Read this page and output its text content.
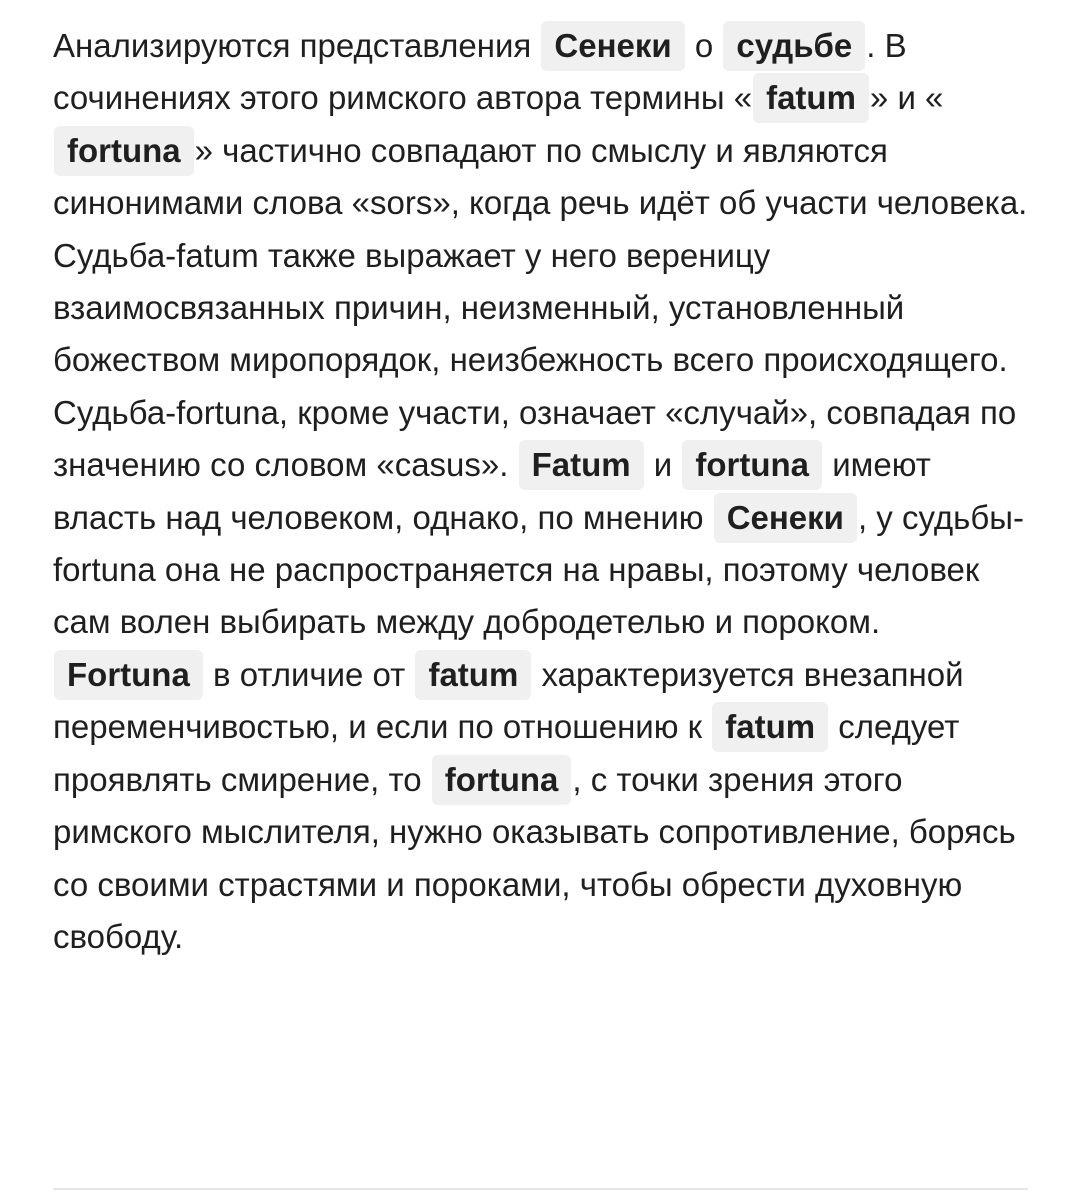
Анализируются представления Сенеки о судьбе . В сочинениях этого римского автора термины « fatum » и «fortuna » частично совпадают по смыслу и являются синонимами слова «sors», когда речь идёт об участи человека. Судьба-fatum также выражает у него вереницу взаимосвязанных причин, неизменный, установленный божеством миропорядок, неизбежность всего происходящего. Судьба-fortuna, кроме участи, означает «случай», совпадая по значению со словом «casus». Fatum и fortuna имеют власть над человеком, однако, по мнению Сенеки , у судьбы-fortuna она не распространяется на нравы, поэтому человек сам волен выбирать между добродетелью и пороком. Fortuna в отличие от fatum характеризуется внезапной переменчивостью, и если по отношению к fatum следует проявлять смирение, то fortuna , с точки зрения этого римского мыслителя, нужно оказывать сопротивление, борясь со своими страстями и пороками, чтобы обрести духовную свободу.
